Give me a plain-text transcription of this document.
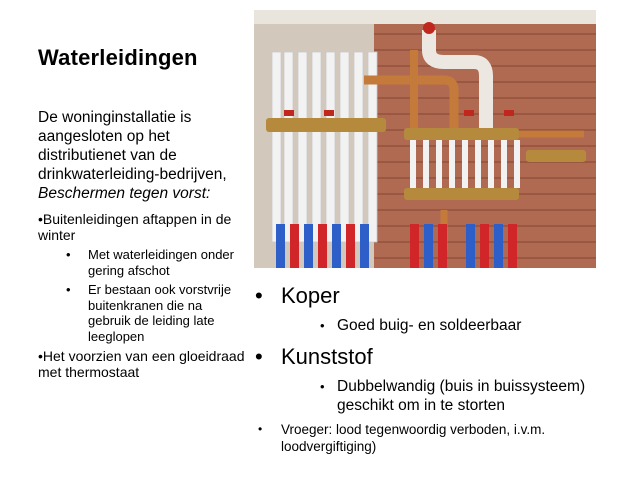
Waterleidingen
De woninginstallatie is aangesloten op het distributienet van de drinkwaterleiding-bedrijven,
Beschermen tegen vorst:
•Buitenleidingen aftappen in de winter
• Met waterleidingen onder gering afschot
• Er bestaan ook vorstvrije buitenkranen die na gebruik de leiding late leeglopen
•Het voorzien van een gloeidraad met thermostaat
• Koper
• Goed buig- en soldeerbaar
• Kunststof
• Dubbelwandig (buis in buissysteem) geschikt om in te storten
• Vroeger: lood tegenwoordig verboden, i.v.m. loodvergiftiging)
